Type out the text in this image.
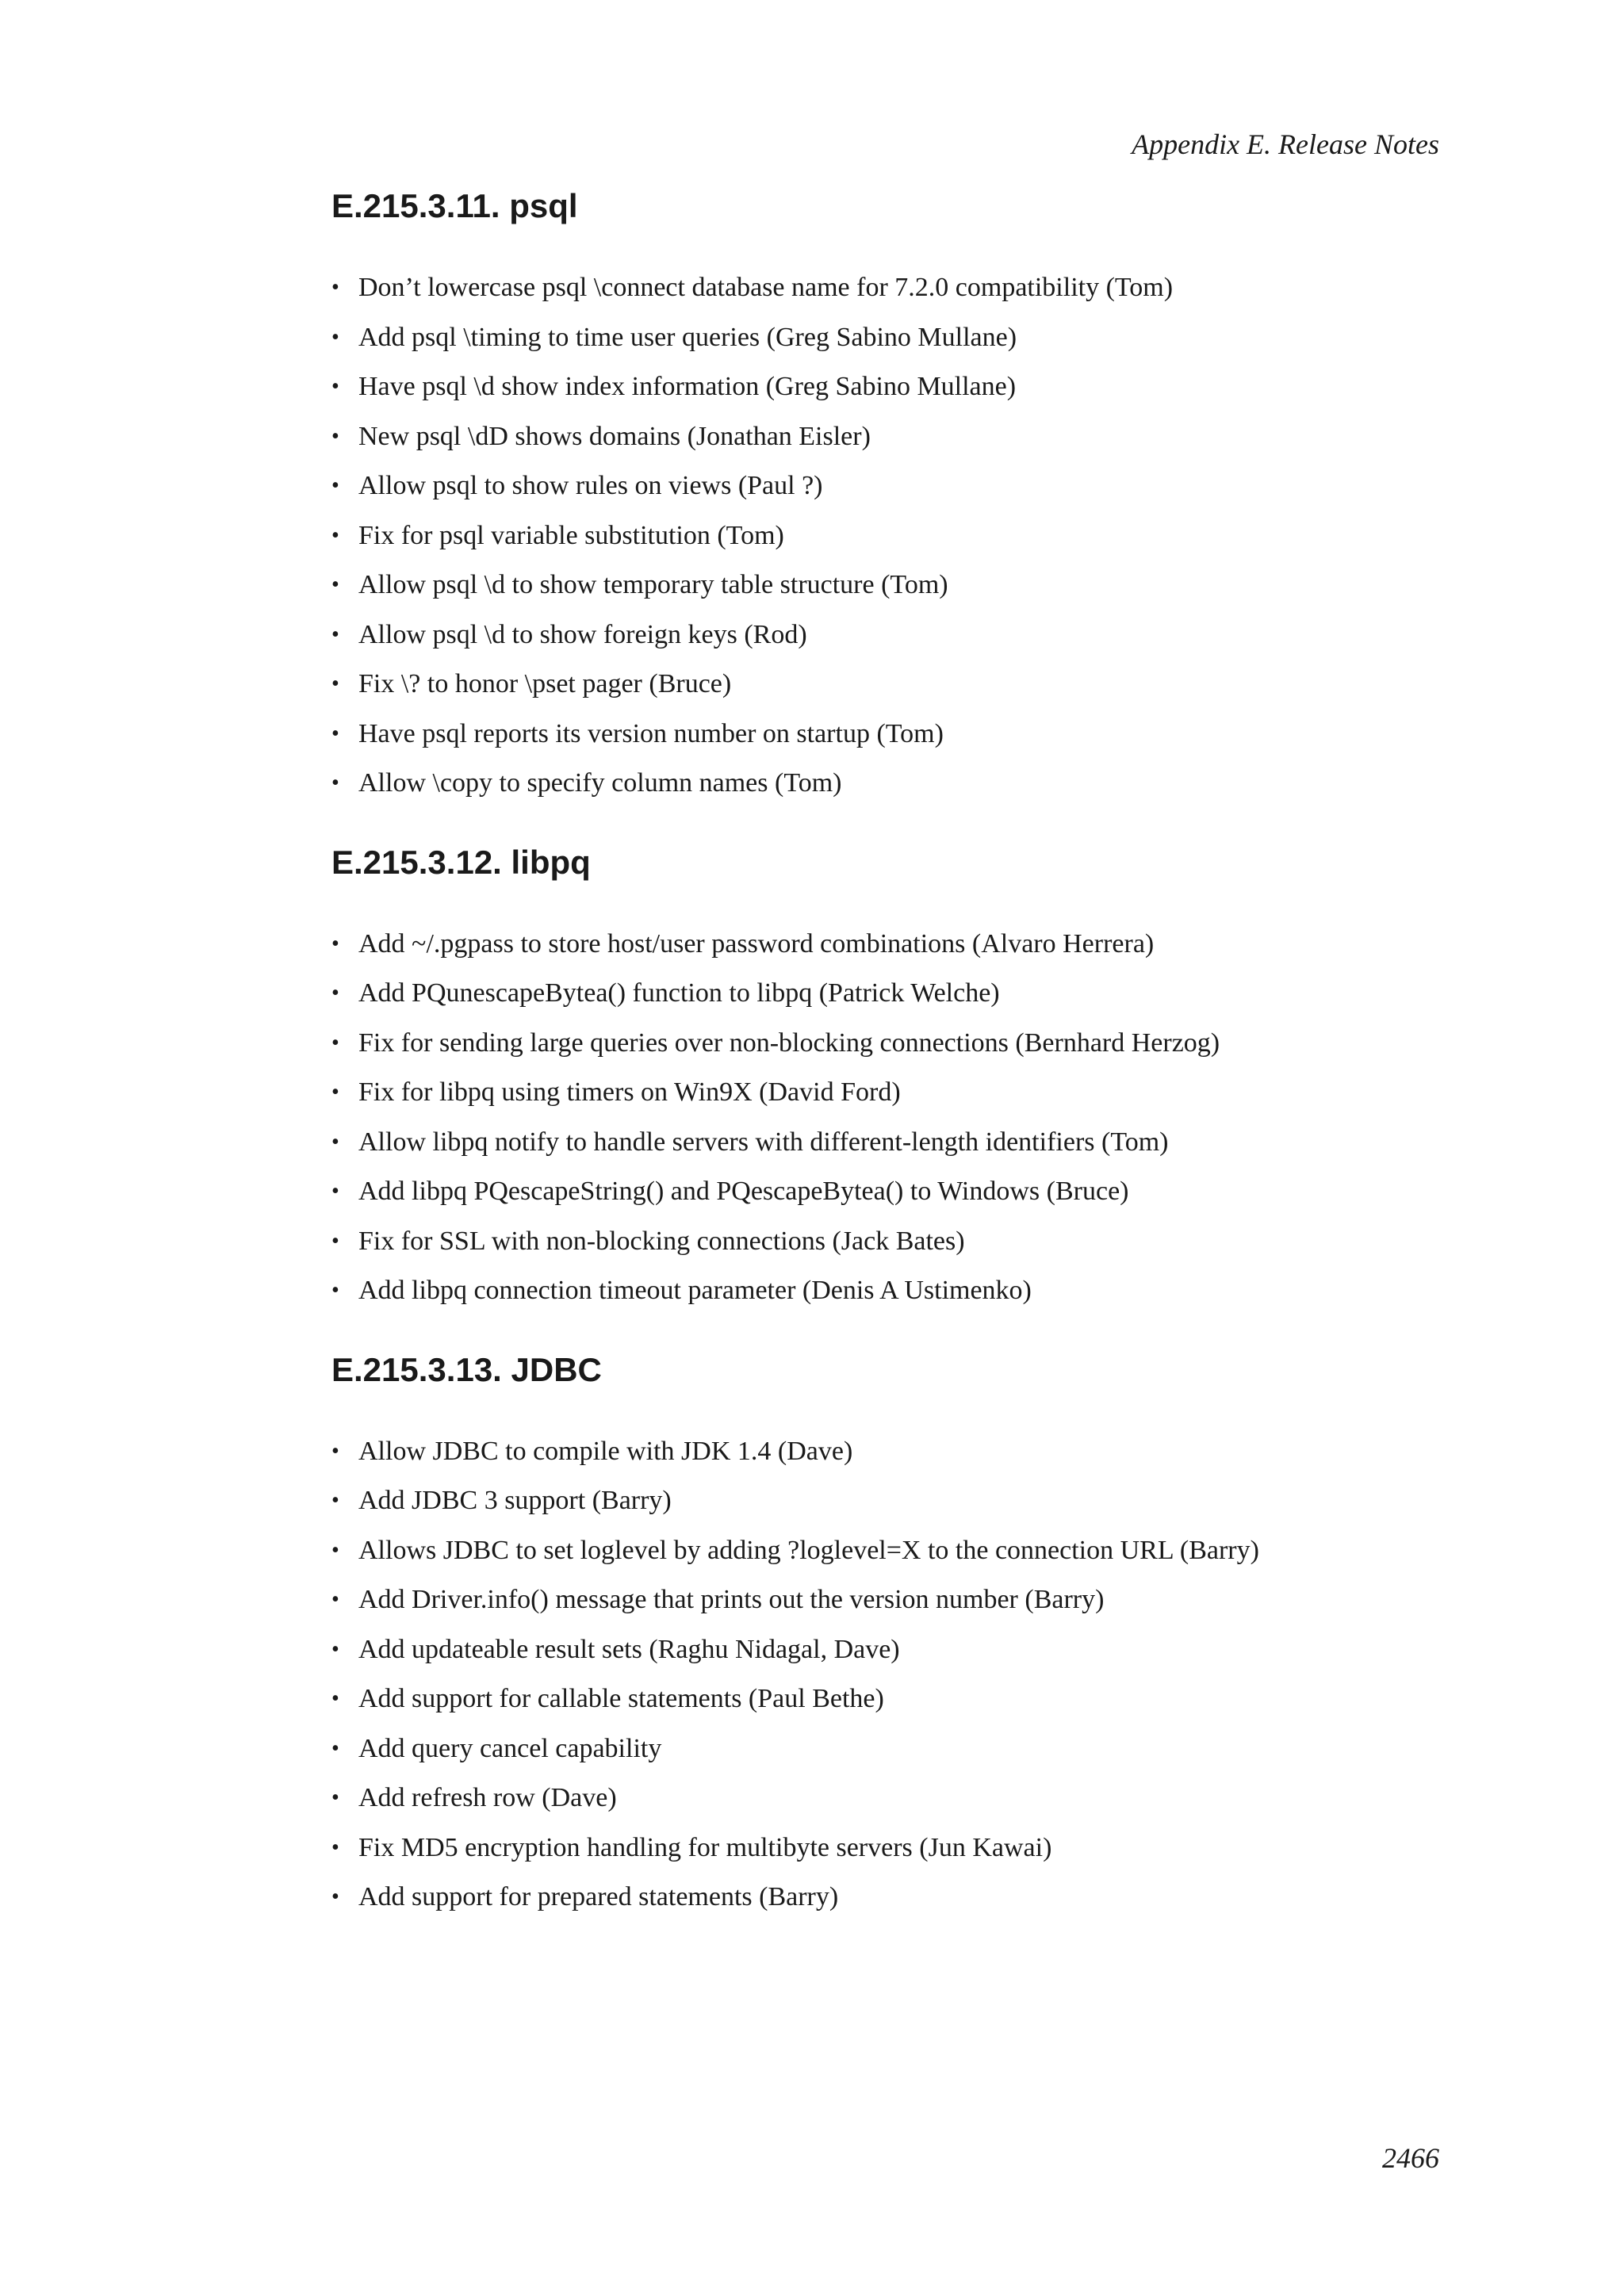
Appendix E. Release Notes

E.215.3.11. psql
• Don’t lowercase psql \connect database name for 7.2.0 compatibility (Tom)
• Add psql \timing to time user queries (Greg Sabino Mullane)
• Have psql \d show index information (Greg Sabino Mullane)
• New psql \dD shows domains (Jonathan Eisler)
• Allow psql to show rules on views (Paul ?)
• Fix for psql variable substitution (Tom)
• Allow psql \d to show temporary table structure (Tom)
• Allow psql \d to show foreign keys (Rod)
• Fix \? to honor \pset pager (Bruce)
• Have psql reports its version number on startup (Tom)
• Allow \copy to specify column names (Tom)
E.215.3.12. libpq
• Add ~/.pgpass to store host/user password combinations (Alvaro Herrera)
• Add PQunescapeBytea() function to libpq (Patrick Welche)
• Fix for sending large queries over non-blocking connections (Bernhard Herzog)
• Fix for libpq using timers on Win9X (David Ford)
• Allow libpq notify to handle servers with different-length identifiers (Tom)
• Add libpq PQescapeString() and PQescapeBytea() to Windows (Bruce)
• Fix for SSL with non-blocking connections (Jack Bates)
• Add libpq connection timeout parameter (Denis A Ustimenko)
E.215.3.13. JDBC
• Allow JDBC to compile with JDK 1.4 (Dave)
• Add JDBC 3 support (Barry)
• Allows JDBC to set loglevel by adding ?loglevel=X to the connection URL (Barry)
• Add Driver.info() message that prints out the version number (Barry)
• Add updateable result sets (Raghu Nidagal, Dave)
• Add support for callable statements (Paul Bethe)
• Add query cancel capability
• Add refresh row (Dave)
• Fix MD5 encryption handling for multibyte servers (Jun Kawai)
• Add support for prepared statements (Barry)

2466
